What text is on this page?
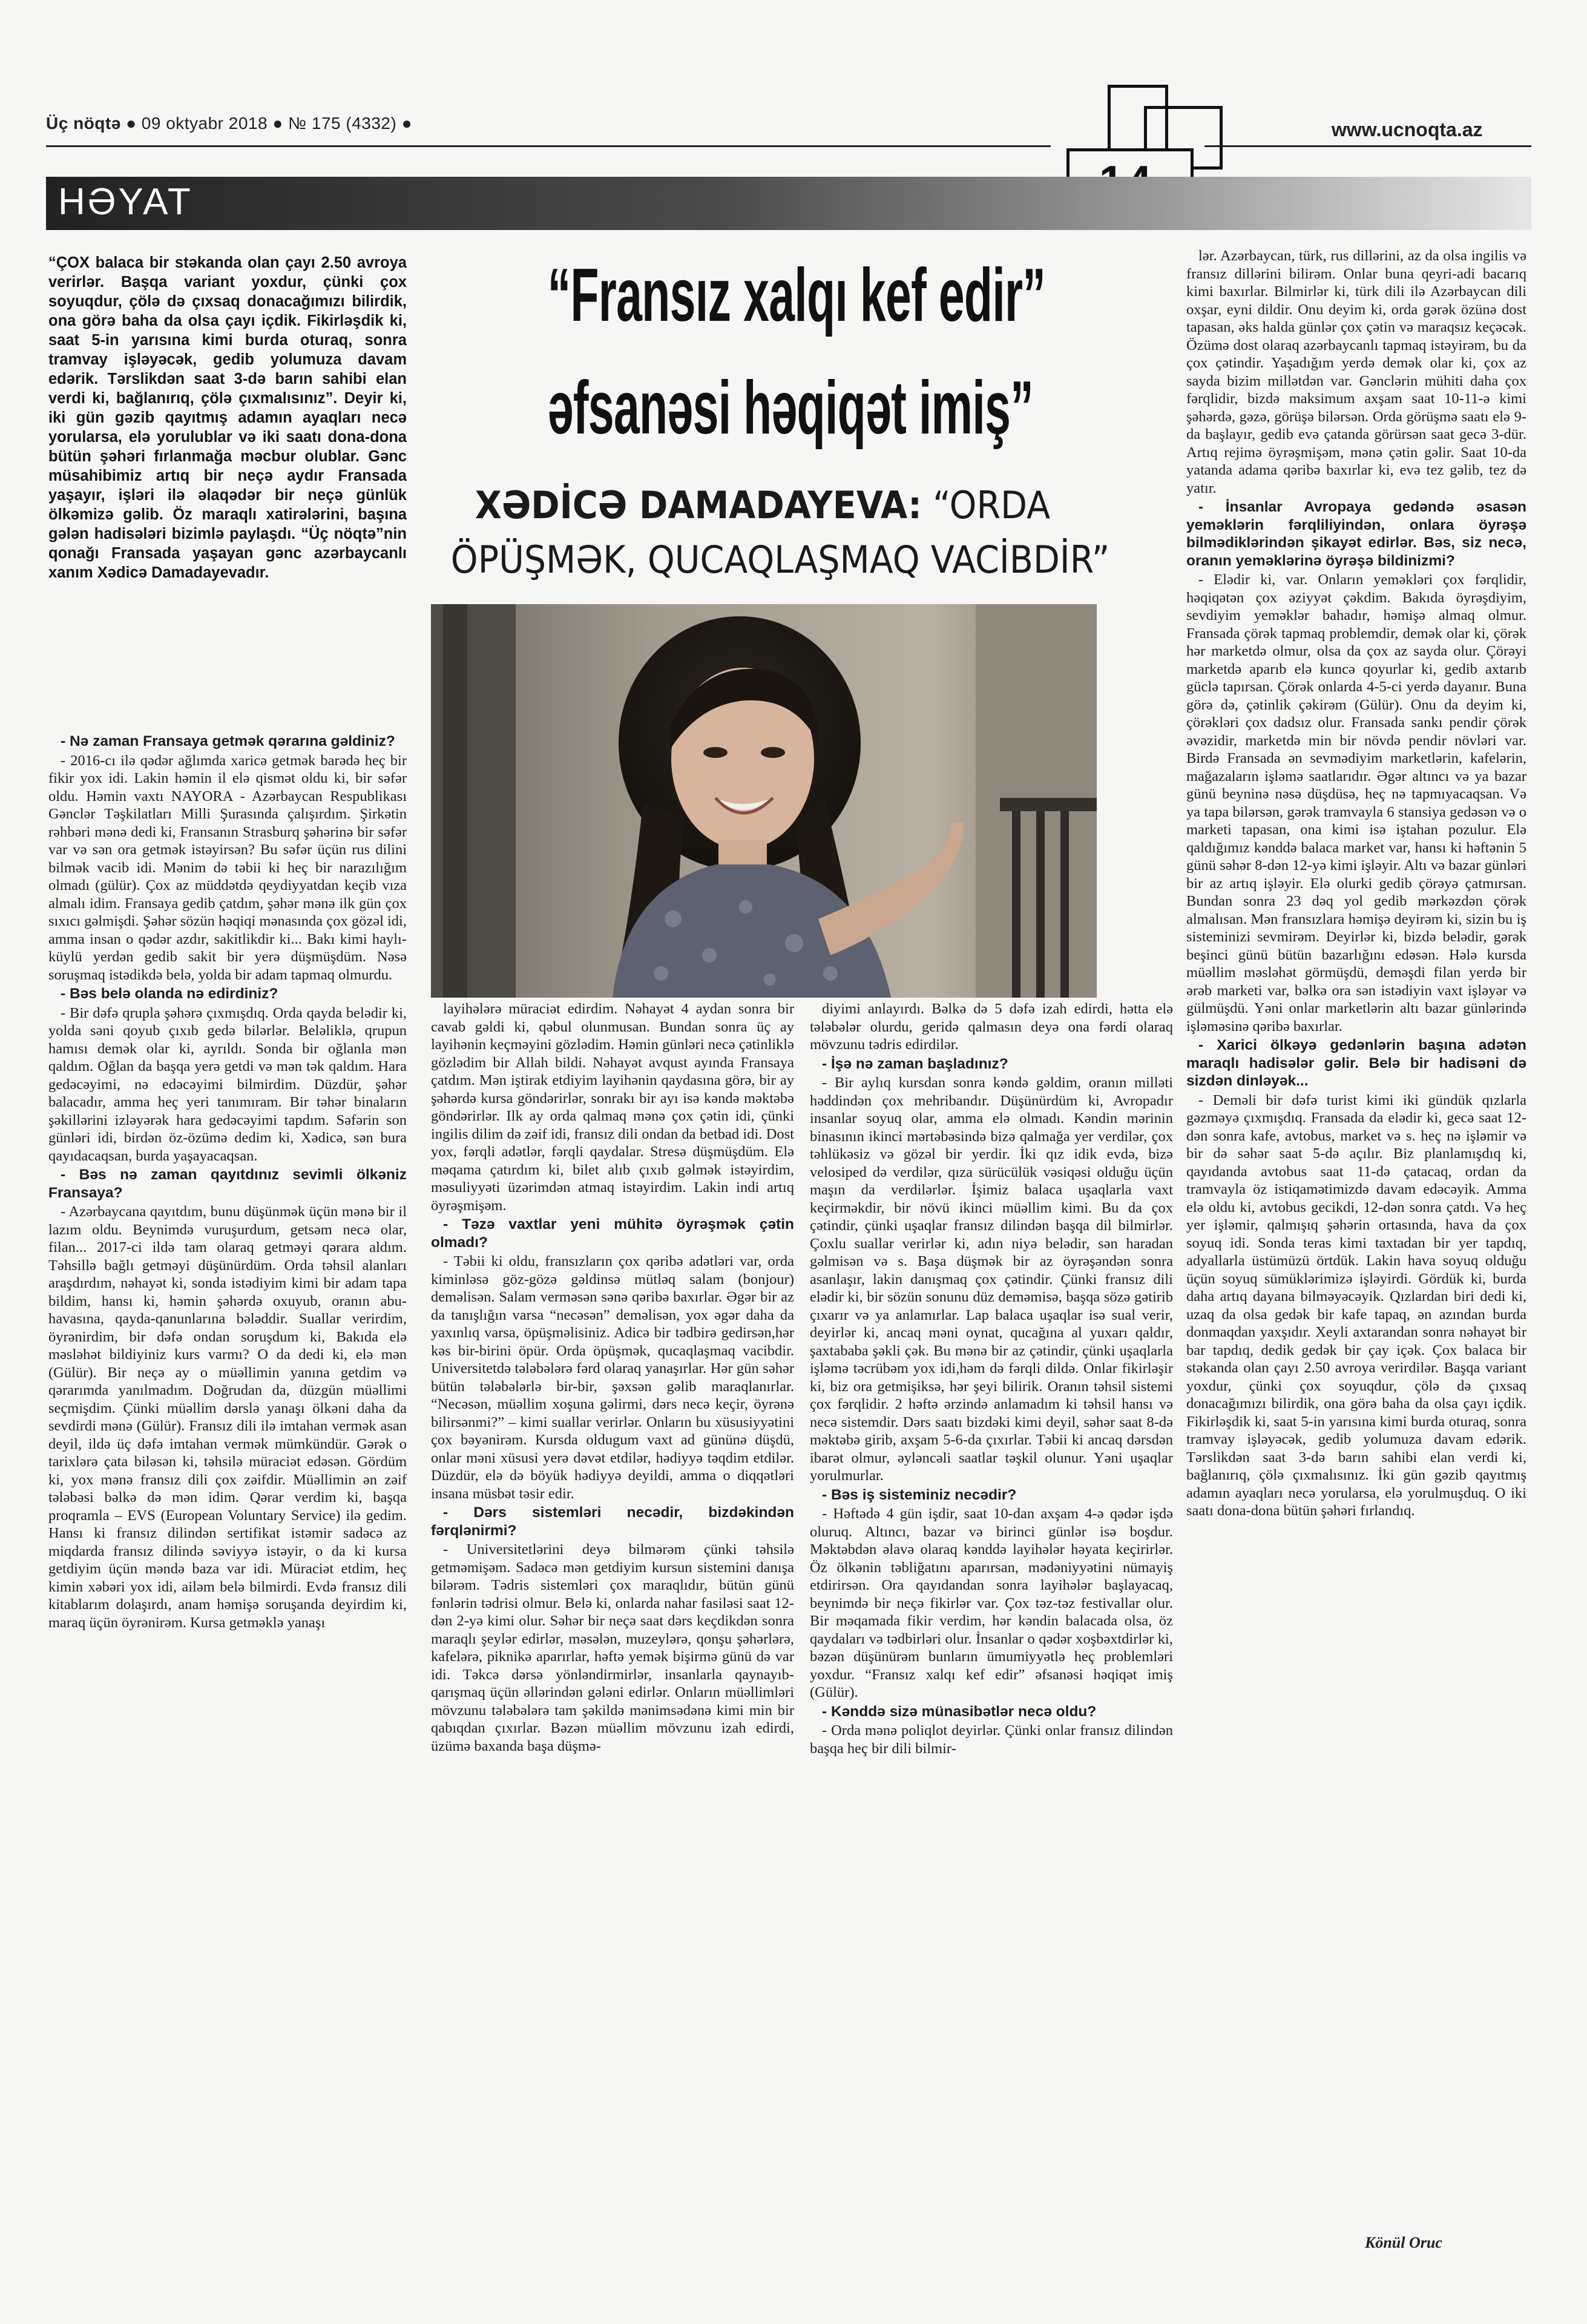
Üç nöqtə ● 09 oktyabr 2018 ● № 175 (4332) ●	www.ucnoqta.az
HƏYAT
“Fransız xalqı kef edir”
əfsanəsi həqiqət imiş”
XƏDİCƏ DAMADAYEVA: “ORDA
ÖPÜŞMƏK, QUCAQLAŞMAQ VACİBDİR”
“ÇOX balaca bir stəkanda olan çayı 2.50 avroya verirlər. Başqa variant yoxdur, çünki çox soyuqdur, çölə də çıxsaq donacağımızı bilirdik, ona görə baha da olsa çayı içdik. Fikirləşdik ki, saat 5-in yarısına kimi burda oturaq, sonra tramvay işləyəcək, gedib yolumuza davam edərik. Tərslikdən saat 3-də barın sahibi elan verdi ki, bağlanırıq, çölə çıxmalısınız”. Deyir ki, iki gün gəzib qayıtmış adamın ayaqları necə yorularsa, elə yorulublar və iki saatı dona-dona bütün şəhəri fırlanmağa məcbur olublar. Gənc müsahibimiz artıq bir neçə aydır Fransada yaşayır, işləri ilə əlaqədər bir neçə günlük ölkəmizə gəlib. Öz maraqlı xatirələrini, başına gələn hadisələri bizimlə paylaşdı. “Üç nöqtə”nin qonağı Fransada yaşayan gənc azərbaycanlı xanım Xədicə Damadayevadır.

- Nə zaman Fransaya getmək qərarına gəldiniz?

- 2016-cı ilə qədər ağlımda xaricə getmək barədə heç bir fikir yox idi. Lakin həmin il elə qismət oldu ki, bir səfər oldu. Həmin vaxtı NAYORA - Azərbaycan Respublikası Gənclər Təşkilatları Milli Şurasında çalışırdım. Şirkətin rəhbəri mənə dedi ki, Fransanın Strasburq şəhərinə bir səfər var və sən ora getmək istəyirsən? Bu səfər üçün rus dilini bilmək vacib idi. Mənim də təbii ki heç bir narazılığım olmadı (gülür). Çox az müddətdə qeydiyyatdan keçib vıza almalı idim. Fransaya gedib çatdım, şəhər mənə ilk gün çox sıxıcı gəlmişdi. Şəhər sözün həqiqi mənasında çox gözəl idi, amma insan o qədər azdır, sakitlikdir ki... Bakı kimi haylı-küylü yerdən gedib sakit bir yerə düşmüşdüm. Nəsə soruşmaq istədikdə belə, yolda bir adam tapmaq olmurdu.

- Bəs belə olanda nə edirdiniz?

- Bir dəfə qrupla şəhərə çıxmışdıq. Orda qayda belədir ki, yolda səni qoyub çıxıb gedə bilərlər. Beləliklə, qrupun hamısı demək olar ki, ayrıldı. Sonda bir oğlanla mən qaldım. Oğlan da başqa yerə getdi və mən tək qaldım. Hara gedəcəyimi, nə edəcəyimi bilmirdim. Düzdür, şəhər balacadır, amma heç yeri tanımıram. Bir təhər binaların şəkillərini izləyərək hara gedəcəyimi tapdım. Səfərin son günləri idi, birdən öz-özümə dedim ki, Xədicə, sən bura qayıdacaqsan, burda yaşayacaqsan.

- Bəs nə zaman qayıtdınız sevimli ölkəniz Fransaya?

- Azərbaycana qayıtdım, bunu düşünmək üçün mənə bir il lazım oldu. Beynimdə vuruşurdum, getsəm necə olar, filan... 2017-ci ildə tam olaraq getməyi qərara aldım. Təhsillə bağlı getməyi düşünürdüm. Orda təhsil alanları araşdırdım, nəhayət ki, sonda istədiyim kimi bir adam tapa bildim, hansı ki, həmin şəhərdə oxuyub, oranın abu-havasına, qayda-qanunlarına bələddir. Suallar verirdim, öyrənirdim, bir dəfə ondan soruşdum ki, Bakıda elə məsləhət bildiyiniz kurs varmı? O da dedi ki, elə mən (Gülür). Bir neçə ay o müəllimin yanına getdim və qərarımda yanılmadım. Doğrudan da, düzgün müəllimi seçmişdim. Çünki müəllim dərslə yanaşı ölkəni daha da sevdirdi mənə (Gülür). Fransız dili ilə imtahan vermək asan deyil, ildə üç dəfə imtahan vermək mümkündür. Gərək o tarixlərə çata biləsən ki, təhsilə müraciət edəsən. Gördüm ki, yox mənə fransız dili çox zəifdir. Müəllimin ən zəif tələbəsi bəlkə də mən idim. Qərar verdim ki, başqa proqramla – EVS (European Voluntary Service) ilə gedim. Hansı ki fransız dilindən sertifikat istəmir sadəcə az miqdarda fransız dilində səviyyə istəyir, o da ki kursa getdiyim üçün məndə baza var idi. Müraciət etdim, heç kimin xəbəri yox idi, ailəm belə bilmirdi. Evdə fransız dili kitablarım dolaşırdı, anam həmişə soruşanda deyirdim ki, maraq üçün öyrənirəm. Kursa getməklə yanaşı

layihələrə müraciət edirdim. Nəhayət 4 aydan sonra bir cavab gəldi ki, qəbul olunmusan. Bundan sonra üç ay layihənin keçməyini gözlədim. Həmin günləri necə çətinliklə gözlədim bir Allah bildi. Nəhayət avqust ayında Fransaya çatdım. Mən iştirak etdiyim layihənin qaydasına görə, bir ay şəhərdə kursa göndərirlər, sonrakı bir ayı isə kəndə məktəbə göndərirlər. Ilk ay orda qalmaq mənə çox çətin idi, çünki ingilis dilim də zəif idi, fransız dili ondan da betbad idi. Dost yox, fərqli adətlər, fərqli qaydalar. Stresə düşmüşdüm. Elə məqama çatırdım ki, bilet alıb çıxıb gəlmək istəyirdim, məsuliyyəti üzərimdən atmaq istəyirdim. Lakin indi artıq öyrəşmişəm.

- Təzə vaxtlar yeni mühitə öyrəşmək çətin olmadı?

- Təbii ki oldu, fransızların çox qəribə adətləri var, orda kiminləsə göz-gözə gəldinsə mütləq salam (bonjour) deməlisən. Salam verməsən sənə qəribə baxırlar. Əgər bir az da tanışlığın varsa “necəsən” deməlisən, yox əgər daha da yaxınlıq varsa, öpüşməlisiniz. Adicə bir tədbirə gedirsən,hər kəs bir-birini öpür. Orda öpüşmək, qucaqlaşmaq vacibdir. Universitetdə tələbələrə fərd olaraq yanaşırlar. Hər gün səhər bütün tələbələrlə bir-bir, şəxsən gəlib maraqlanırlar. “Necəsən, müəllim xoşuna gəlirmi, dərs necə keçir, öyrənə bilirsənmi?” – kimi suallar verirlər. Onların bu xüsusiyyətini çox bəyənirəm. Kursda oldugum vaxt ad gününə düşdü, onlar məni xüsusi yerə dəvət etdilər, hədiyyə təqdim etdilər. Düzdür, elə də böyük hədiyyə deyildi, amma o diqqətləri insana müsbət təsir edir.

- Dərs sistemləri necədir, bizdəkindən fərqlənirmi?

- Universitetlərini deyə bilmərəm çünki təhsilə getməmişəm. Sadəcə mən getdiyim kursun sistemini danışa bilərəm. Tədris sistemləri çox maraqlıdır, bütün günü fənlərin tədrisi olmur. Belə ki, onlarda nahar fasiləsi saat 12-dən 2-yə kimi olur. Səhər bir neçə saat dərs keçdikdən sonra maraqlı şeylər edirlər, məsələn, muzeylərə, qonşu şəhərlərə, kafelərə, piknikə aparırlar, həftə yemək bişirmə günü də var idi. Təkcə dərsə yönləndirmirlər, insanlarla qaynayıb-qarışmaq üçün əllərindən gələni edirlər. Onların müəllimləri mövzunu tələbələrə tam şəkildə mənimsədənə kimi min bir qabıqdan çıxırlar. Bəzən müəllim mövzunu izah edirdi, üzümə baxanda başa düşmə-

diyimi anlayırdı. Bəlkə də 5 dəfə izah edirdi, hətta elə tələbələr olurdu, geridə qalmasın deyə ona fərdi olaraq mövzunu tədris edirdilər.

- İşə nə zaman başladınız?

- Bir aylıq kursdan sonra kəndə gəldim, oranın milləti həddindən çox mehribandır. Düşünürdüm ki, Avropadır insanlar soyuq olar, amma elə olmadı. Kəndin mərinin binasının ikinci mərtəbəsində bizə qalmağa yer verdilər, çox təhlükəsiz və gözəl bir yerdir. İki qız idik evdə, bizə velosiped də verdilər, qıza sürücülük vəsiqəsi olduğu üçün maşın da verdilərlər. İşimiz balaca uşaqlarla vaxt keçirməkdir, bir növü ikinci müəllim kimi. Bu da çox çətindir, çünki uşaqlar fransız dilindən başqa dil bilmirlər. Çoxlu suallar verirlər ki, adın niyə belədir, sən haradan gəlmisən və s. Başa düşmək bir az öyrəşəndən sonra asanlaşır, lakin danışmaq çox çətindir. Çünki fransız dili elədir ki, bir sözün sonunu düz deməmisə, başqa sözə gətirib çıxarır və ya anlamırlar. Lap balaca uşaqlar isə sual verir, deyirlər ki, ancaq məni oynat, qucağına al yuxarı qaldır, şaxtababa şəkli çək. Bu mənə bir az çətindir, çünki uşaqlarla işləmə təcrübəm yox idi,həm də fərqli dildə. Onlar fikirləşir ki, biz ora getmişiksə, hər şeyi bilirik. Oranın təhsil sistemi çox fərqlidir. 2 həftə ərzində anlamadım ki təhsil hansı və necə sistemdir. Dərs saatı bizdəki kimi deyil, səhər saat 8-də məktəbə girib, axşam 5-6-da çıxırlar. Təbii ki ancaq dərsdən ibarət olmur, əyləncəli saatlar təşkil olunur. Yəni uşaqlar yorulmurlar.

- Bəs iş sisteminiz necədir?

- Həftədə 4 gün işdir, saat 10-dan axşam 4-ə qədər işdə oluruq. Altıncı, bazar və birinci günlər isə boşdur. Məktəbdən əlavə olaraq kənddə layihələr həyata keçirirlər. Öz ölkənin təbliğatını aparırsan, mədəniyyətini nümayiş etdirirsən. Ora qayıdandan sonra layihələr başlayacaq, beynimdə bir neçə fikirlər var. Çox təz-təz festivallar olur. Bir məqamada fikir verdim, hər kəndin balacada olsa, öz qaydaları və tədbirləri olur. İnsanlar o qədər xoşbəxtdirlər ki, bəzən düşünürəm bunların ümumiyyətlə heç problemləri yoxdur. “Fransız xalqı kef edir” əfsanəsi həqiqət imiş (Gülür).

- Kənddə sizə münasibətlər necə oldu?

- Orda mənə poliqlot deyirlər. Çünki onlar fransız dilindən başqa heç bir dili bilmir-

lər. Azərbaycan, türk, rus dillərini, az da olsa ingilis və fransız dillərini bilirəm. Onlar buna qeyri-adi bacarıq kimi baxırlar. Bilmirlər ki, türk dili ilə Azərbaycan dili oxşar, eyni dildir. Onu deyim ki, orda gərək özünə dost tapasan, əks halda günlər çox çətin və maraqsız keçəcək. Özümə dost olaraq azərbaycanlı tapmaq istəyirəm, bu da çox çətindir. Yaşadığım yerdə demək olar ki, çox az sayda bizim millətdən var. Gənclərin mühiti daha çox fərqlidir, bizdə maksimum axşam saat 10-11-ə kimi şəhərdə, gəzə, görüşə bilərsən. Orda görüşmə saatı elə 9-da başlayır, gedib evə çatanda görürsən saat gecə 3-dür. Artıq rejimə öyrəşmişəm, mənə çətin gəlir. Saat 10-da yatanda adama qəribə baxırlar ki, evə tez gəlib, tez də yatır.

- İnsanlar Avropaya gedəndə əsasən yeməklərin fərqliliyindən, onlara öyrəşə bilmədiklərindən şikayət edirlər. Bəs, siz necə, oranın yeməklərinə öyrəşə bildinizmi?

- Elədir ki, var. Onların yeməkləri çox fərqlidir, həqiqətən çox əziyyət çəkdim. Bakıda öyrəşdiyim, sevdiyim yeməklər bahadır, həmişə almaq olmur. Fransada çörək tapmaq problemdir, demək olar ki, çörək hər marketdə olmur, olsa da çox az sayda olur. Çörəyi marketdə aparıb elə kuncə qoyurlar ki, gedib axtarıb güclə tapırsan. Çörək onlarda 4-5-ci yerdə dayanır. Buna görə də, çətinlik çəkirəm (Gülür). Onu da deyim ki, çörəkləri çox dadsız olur. Fransada sankı pendir çörək əvəzidir, marketdə min bir növdə pendir növləri var. Birdə Fransada ən sevmədiyim marketlərin, kafelərin, mağazaların işləmə saatlarıdır. Əgər altıncı və ya bazar günü beyninə nəsə düşdüsə, heç nə tapmıyacaqsan. Və ya tapa bilərsən, gərək tramvayla 6 stansiya gedəsən və o marketi tapasan, ona kimi isə iştahan pozulur. Elə qaldığımız kənddə balaca market var, hansı ki həftənin 5 günü səhər 8-dən 12-yə kimi işləyir. Altı və bazar günləri bir az artıq işləyir. Elə olurki gedib çörəyə çatmırsan. Bundan sonra 23 dəq yol gedib mərkəzdən çörək almalısan. Mən fransızlara həmişə deyirəm ki, sizin bu iş sisteminizi sevmirəm. Deyirlər ki, bizdə belədir, gərək beşinci günü bütün bazarlığını edəsən. Hələ kursda müəllim məsləhət görmüşdü, deməşdi filan yerdə bir ərəb marketi var, bəlkə ora sən istədiyin vaxt işləyər və gülmüşdü. Yəni onlar marketlərin altı bazar günlərində işləməsinə qəribə baxırlar.

- Xarici ölkəyə gedənlərin başına adətən maraqlı hadisələr gəlir. Belə bir hadisəni də sizdən dinləyək...

- Deməli bir dəfə turist kimi iki gündük qızlarla gəzməyə çıxmışdıq. Fransada da elədir ki, gecə saat 12-dən sonra kafe, avtobus, market və s. heç nə işləmir və bir də səhər saat 5-də açılır. Biz planlamışdıq ki, qayıdanda avtobus saat 11-də çatacaq, ordan da tramvayla öz istiqamətimizdə davam edəcəyik. Amma elə oldu ki, avtobus gecikdi, 12-dən sonra çatdı. Və heç yer işləmir, qalmışıq şəhərin ortasında, hava da çox soyuq idi. Sonda teras kimi taxtadan bir yer tapdıq, adyallarla üstümüzü örtdük. Lakin hava soyuq olduğu üçün soyuq sümüklərimizə işləyirdi. Gördük ki, burda daha artıq dayana bilməyəcəyik. Qızlardan biri dedi ki, uzaq da olsa gedək bir kafe tapaq, ən azından burda donmaqdan yaxşıdır. Xeyli axtarandan sonra nəhayət bir bar tapdıq, dedik gedək bir çay içək. Çox balaca bir stəkanda olan çayı 2.50 avroya verirdilər. Başqa variant yoxdur, çünki çox soyuqdur, çölə də çıxsaq donacağımızı bilirdik, ona görə baha da olsa çayı içdik. Fikirləşdik ki, saat 5-in yarısına kimi burda oturaq, sonra tramvay işləyəcək, gedib yolumuza davam edərik. Tərslikdən saat 3-də barın sahibi elan verdi ki, bağlanırıq, çölə çıxmalısınız. İki gün gəzib qayıtmış adamın ayaqları necə yorularsa, elə yorulmuşduq. O iki saatı dona-dona bütün şəhəri fırlandıq.

Könül Oruc
